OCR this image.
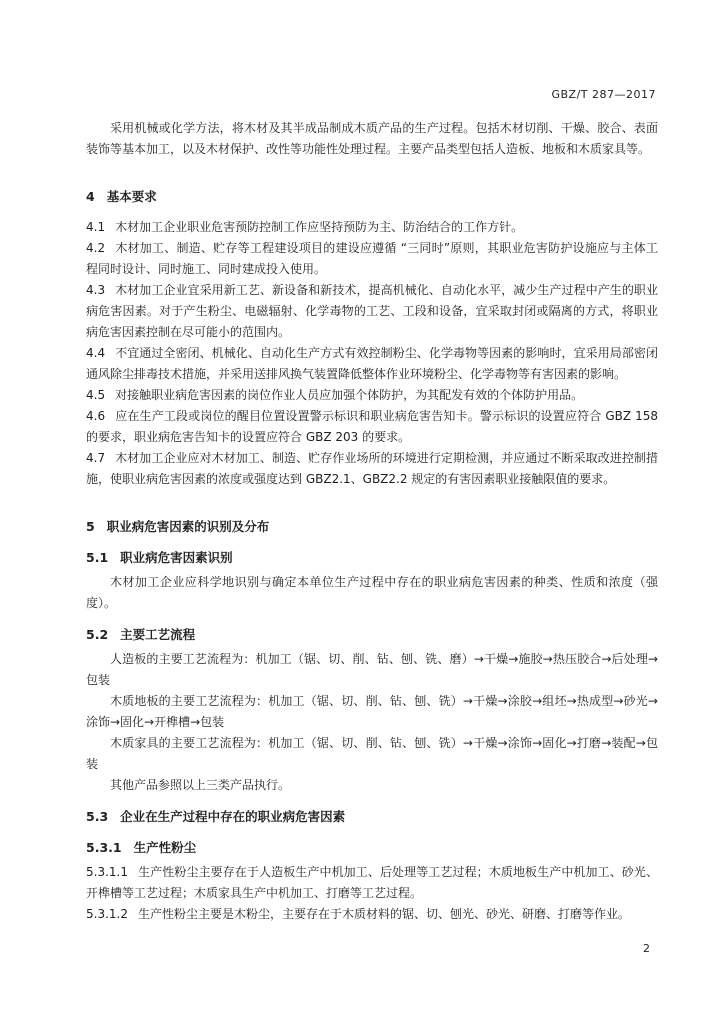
GBZ/T 287—2017

采用机械或化学方法，将木材及其半成品制成木质产品的生产过程。包括木材切削、干燥、胶合、表面装饰等基本加工，以及木材保护、改性等功能性处理过程。主要产品类型包括人造板、地板和木质家具等。

4 基本要求

4.1 木材加工企业职业危害预防控制工作应坚持预防为主、防治结合的工作方针。

4.2 木材加工、制造、贮存等工程建设项目的建设应遵循 “三同时”原则，其职业危害防护设施应与主体工程同时设计、同时施工、同时建成投入使用。

4.3 木材加工企业宜采用新工艺、新设备和新技术，提高机械化、自动化水平，减少生产过程中产生的职业病危害因素。对于产生粉尘、电磁辐射、化学毒物的工艺、工段和设备，宜采取封闭或隔离的方式，将职业病危害因素控制在尽可能小的范围内。

4.4 不宜通过全密闭、机械化、自动化生产方式有效控制粉尘、化学毒物等因素的影响时，宜采用局部密闭通风除尘排毒技术措施，并采用送排风换气装置降低整体作业环境粉尘、化学毒物等有害因素的影响。

4.5 对接触职业病危害因素的岗位作业人员应加强个体防护，为其配发有效的个体防护用品。

4.6 应在生产工段或岗位的醒目位置设置警示标识和职业病危害告知卡。警示标识的设置应符合 GBZ 158 的要求，职业病危害告知卡的设置应符合 GBZ 203 的要求。

4.7 木材加工企业应对木材加工、制造、贮存作业场所的环境进行定期检测，并应通过不断采取改进控制措施，使职业病危害因素的浓度或强度达到 GBZ2.1、GBZ2.2 规定的有害因素职业接触限值的要求。

5 职业病危害因素的识别及分布
5.1 职业病危害因素识别

木材加工企业应科学地识别与确定本单位生产过程中存在的职业病危害因素的种类、性质和浓度（强度）。

5.2 主要工艺流程

人造板的主要工艺流程为：机加工（锯、切、削、钻、刨、铣、磨）→干燥→施胶→热压胶合→后处理→包装

木质地板的主要工艺流程为：机加工（锯、切、削、钻、刨、铣）→干燥→涂胶→组坯→热成型→砂光→涂饰→固化→开榫槽→包装

木质家具的主要工艺流程为：机加工（锯、切、削、钻、刨、铣）→干燥→涂饰→固化→打磨→装配→包装

其他产品参照以上三类产品执行。

5.3 企业在生产过程中存在的职业病危害因素
5.3.1 生产性粉尘

5.3.1.1 生产性粉尘主要存在于人造板生产中机加工、后处理等工艺过程；木质地板生产中机加工、砂光、开榫槽等工艺过程；木质家具生产中机加工、打磨等工艺过程。

5.3.1.2 生产性粉尘主要是木粉尘，主要存在于木质材料的锯、切、刨光、砂光、研磨、打磨等作业。

2
